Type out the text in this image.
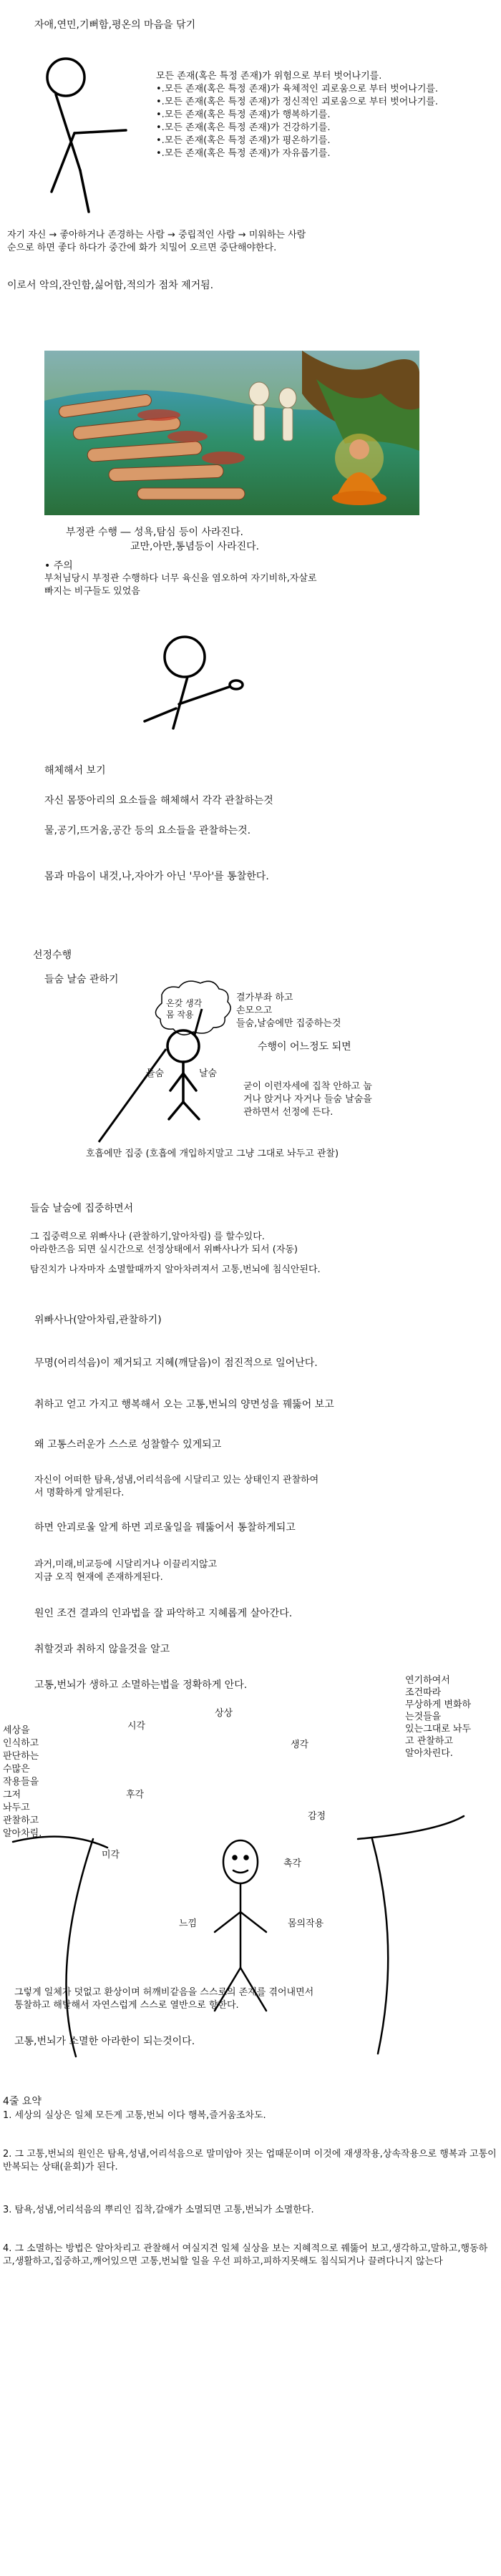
자애,연민,기뻐함,평온의 마음을 닦기
모든 존재(혹은 특정 존재)가 위험으로 부터 벗어나기를.
•.모든 존재(혹은 특정 존재)가 육체적인 괴로움으로 부터 벗어나기를.
•.모든 존재(혹은 특정 존재)가 정신적인 괴로움으로 부터 벗어나기를.
•.모든 존재(혹은 특정 존재)가 행복하기를.
•.모든 존재(혹은 특정 존재)가 건강하기를.
•.모든 존재(혹은 특정 존재)가 평온하기를.
•.모든 존재(혹은 특정 존재)가 자유롭기를.
자기 자신 → 좋아하거나 존경하는 사람 → 중립적인 사람 → 미워하는 사람
순으로 하면 좋다 하다가 중간에 화가 치밀어 오르면 중단해야한다.
이로서 악의,잔인함,싫어함,적의가 점차 제거됨.
부정관 수행 ― 성욕,탐심 등이 사라진다.
교만,아만,통념등이 사라진다.
• 주의
부처님당시 부정관 수행하다 너무 육신을 염오하여 자기비하,자살로
빠지는 비구들도 있었음
해체해서 보기
자신 몸뚱아리의 요소들을 해체해서 각각 관찰하는것
물,공기,뜨거움,공간 등의 요소들을 관찰하는것.
몸과 마음이 내것,나,자아가 아닌 '무아'를 통찰한다.
선정수행
들숨 날숨 관하기
온갖 생각
몸 작용
결가부좌 하고
손모으고
들숨,날숨에만 집중하는것
수행이 어느정도 되면
들숨	날숨
굳이 이런자세에 집착 안하고 눕
거나 앉거나 자거나 들숨 날숨을
관하면서 선정에 든다.
호흡에만 집중 (호흡에 개입하지말고 그냥 그대로 놔두고 관찰)
들숨 날숨에 집중하면서
그 집중력으로 위빠사나 (관찰하기,알아차림) 를 할수있다.
아라한즈음 되면 실시간으로 선정상태에서 위빠사나가 되서 (자동)
탐진치가 나자마자 소멸할때까지 알아차려져서 고통,번뇌에 침식안된다.
위빠사나(알아차림,관찰하기)
무명(어리석음)이 제거되고 지혜(깨달음)이 점진적으로 일어난다.
취하고 얻고 가지고 행복해서 오는 고통,번뇌의 양면성을 꿰뚫어 보고
왜 고통스러운가 스스로 성찰할수 있게되고
자신이 어떠한 탐욕,성냄,어리석음에 시달리고 있는 상태인지 관찰하여
서 명확하게 알게된다.
하면 안괴로울 알게 하면 괴로울일을 꿰뚫어서 통찰하게되고
과거,미래,비교등에 시달리거나 이끌리지않고
지금 오직 현재에 존재하게된다.
원인 조건 결과의 인과법을 잘 파악하고 지혜롭게 살아간다.
취할것과 취하지 않을것을 알고
고통,번뇌가 생하고 소멸하는법을 정확하게 안다.
세상을
인식하고
판단하는
수많은
작용들을
그저
놔두고
관찰하고
알아차림.
연기하여서
조건따라
무상하게 변화하
는것들을
있는그대로 놔두
고 관찰하고
알아차린다.
상상
시각
생각
후각
감정
미각
촉각
느낌	몸의작용
그렇게 일체가 덧없고 환상이며 허깨비같음을 스스로의 존재를 겪어내면서
통찰하고 해탈해서 자연스럽게 스스로 열반으로 향한다.
고통,번뇌가 소멸한 아라한이 되는것이다.
4줄 요약
1. 세상의 실상은 일체 모든게 고통,번뇌 이다 행복,즐거움조차도.
2. 그 고통,번뇌의 원인은 탐욕,성냄,어리석음으로 말미암아 짓는 업때문이며 이것에 재생작용,상속작용으로 행복과 고통이 반복되는 상태(윤회)가 된다.
3. 탐욕,성냄,어리석음의 뿌리인 집착,갈애가 소멸되면 고통,번뇌가 소멸한다.
4. 그 소멸하는 방법은 알아차리고 관찰해서 여실지견 일체 실상을 보는 지혜적으로 꿰뚫어 보고,생각하고,말하고,행동하고,생활하고,집중하고,깨어있으면 고통,번뇌할 일을 우선 피하고,피하지못해도 침식되거나 끌려다니지 않는다
